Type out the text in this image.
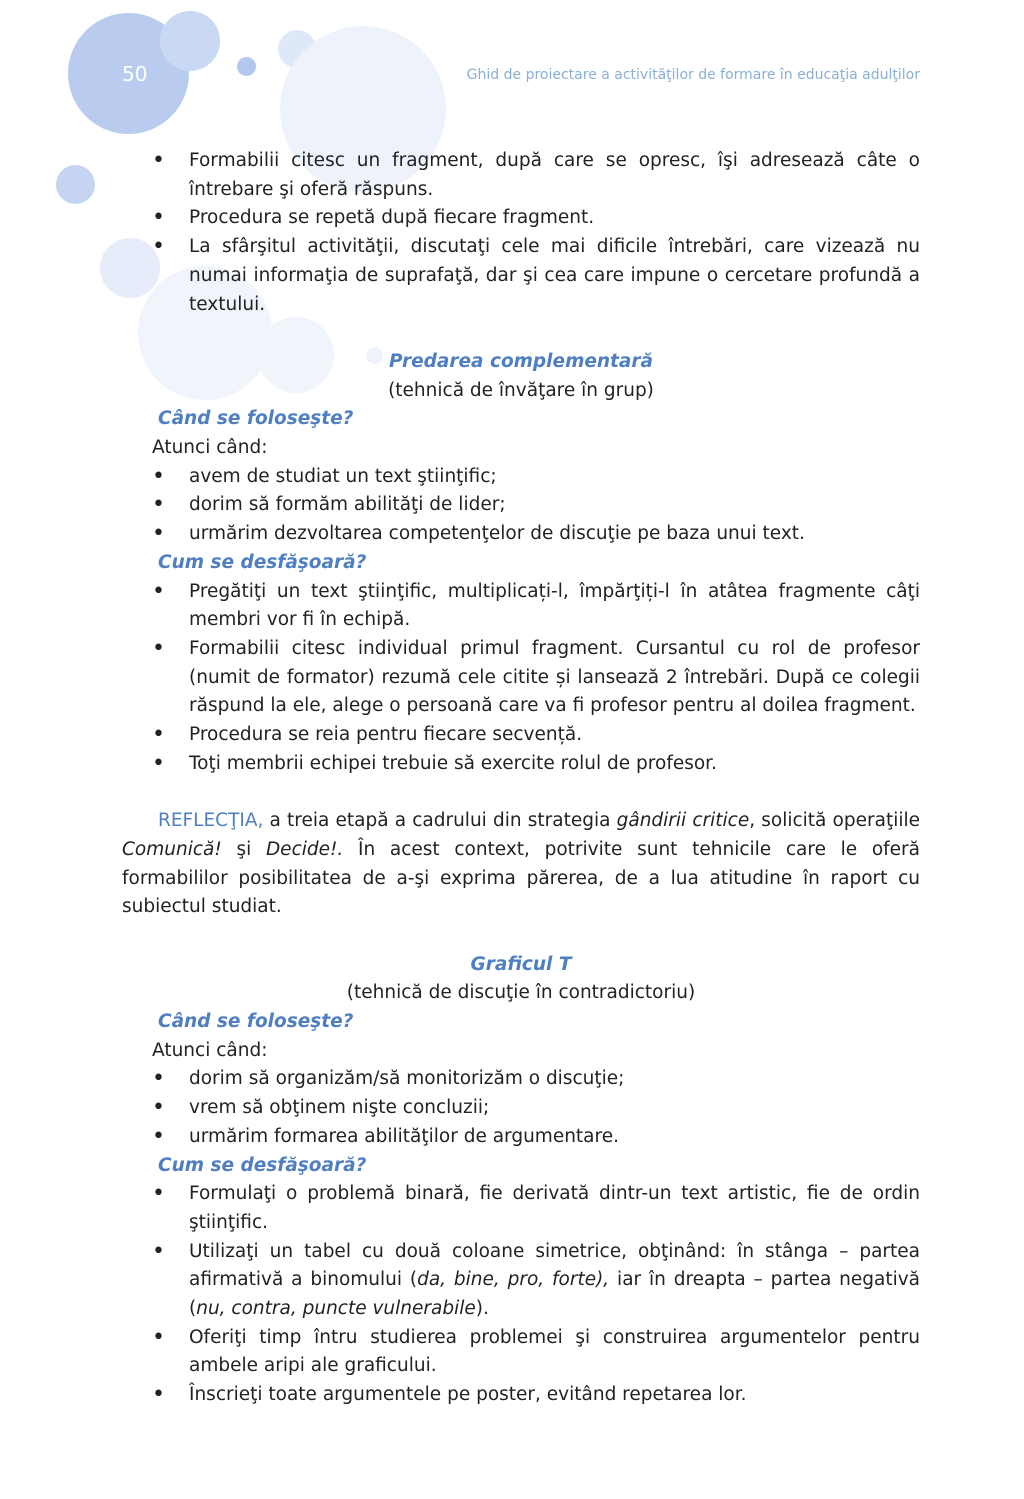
50	Ghid de proiectare a activităţilor de formare în educaţia adulţilor
• Formabilii citesc un fragment, după care se opresc, îşi adresează câte o întrebare şi oferă răspuns.
• Procedura se repetă după fiecare fragment.
• La sfârşitul activităţii, discutaţi cele mai dificile întrebări, care vizează nu numai informaţia de suprafaţă, dar şi cea care impune o cercetare profundă a textului.
Predarea complementară
(tehnică de învăţare în grup)
Când se foloseşte?
Atunci când:
• avem de studiat un text ştiinţific;
• dorim să formăm abilităţi de lider;
• urmărim dezvoltarea competenţelor de discuţie pe baza unui text.
Cum se desfăşoară?
• Pregătiţi un text ştiinţific, multiplicați-l, împărţiți-l în atâtea fragmente câţi membri vor fi în echipă.
• Formabilii citesc individual primul fragment. Cursantul cu rol de profesor (numit de formator) rezumă cele citite și lansează 2 întrebări. După ce colegii răspund la ele, alege o persoană care va fi profesor pentru al doilea fragment.
• Procedura se reia pentru fiecare secvență.
• Toţi membrii echipei trebuie să exercite rolul de profesor.

REFLECŢIA, a treia etapă a cadrului din strategia gândirii critice, solicită operaţiile Comunică! şi Decide!. În acest context, potrivite sunt tehnicile care le oferă formabililor posibilitatea de a-şi exprima părerea, de a lua atitudine în raport cu subiectul studiat.

Graficul T
(tehnică de discuţie în contradictoriu)
Când se foloseşte?
Atunci când:
• dorim să organizăm/să monitorizăm o discuţie;
• vrem să obţinem nişte concluzii;
• urmărim formarea abilităţilor de argumentare.
Cum se desfăşoară?
• Formulaţi o problemă binară, fie derivată dintr-un text artistic, fie de ordin ştiinţific.
• Utilizaţi un tabel cu două coloane simetrice, obţinând: în stânga – partea afirmativă a binomului (da, bine, pro, forte), iar în dreapta – partea negativă (nu, contra, puncte vulnerabile).
• Oferiţi timp întru studierea problemei şi construirea argumentelor pentru ambele aripi ale graficului.
• Înscrieţi toate argumentele pe poster, evitând repetarea lor.
